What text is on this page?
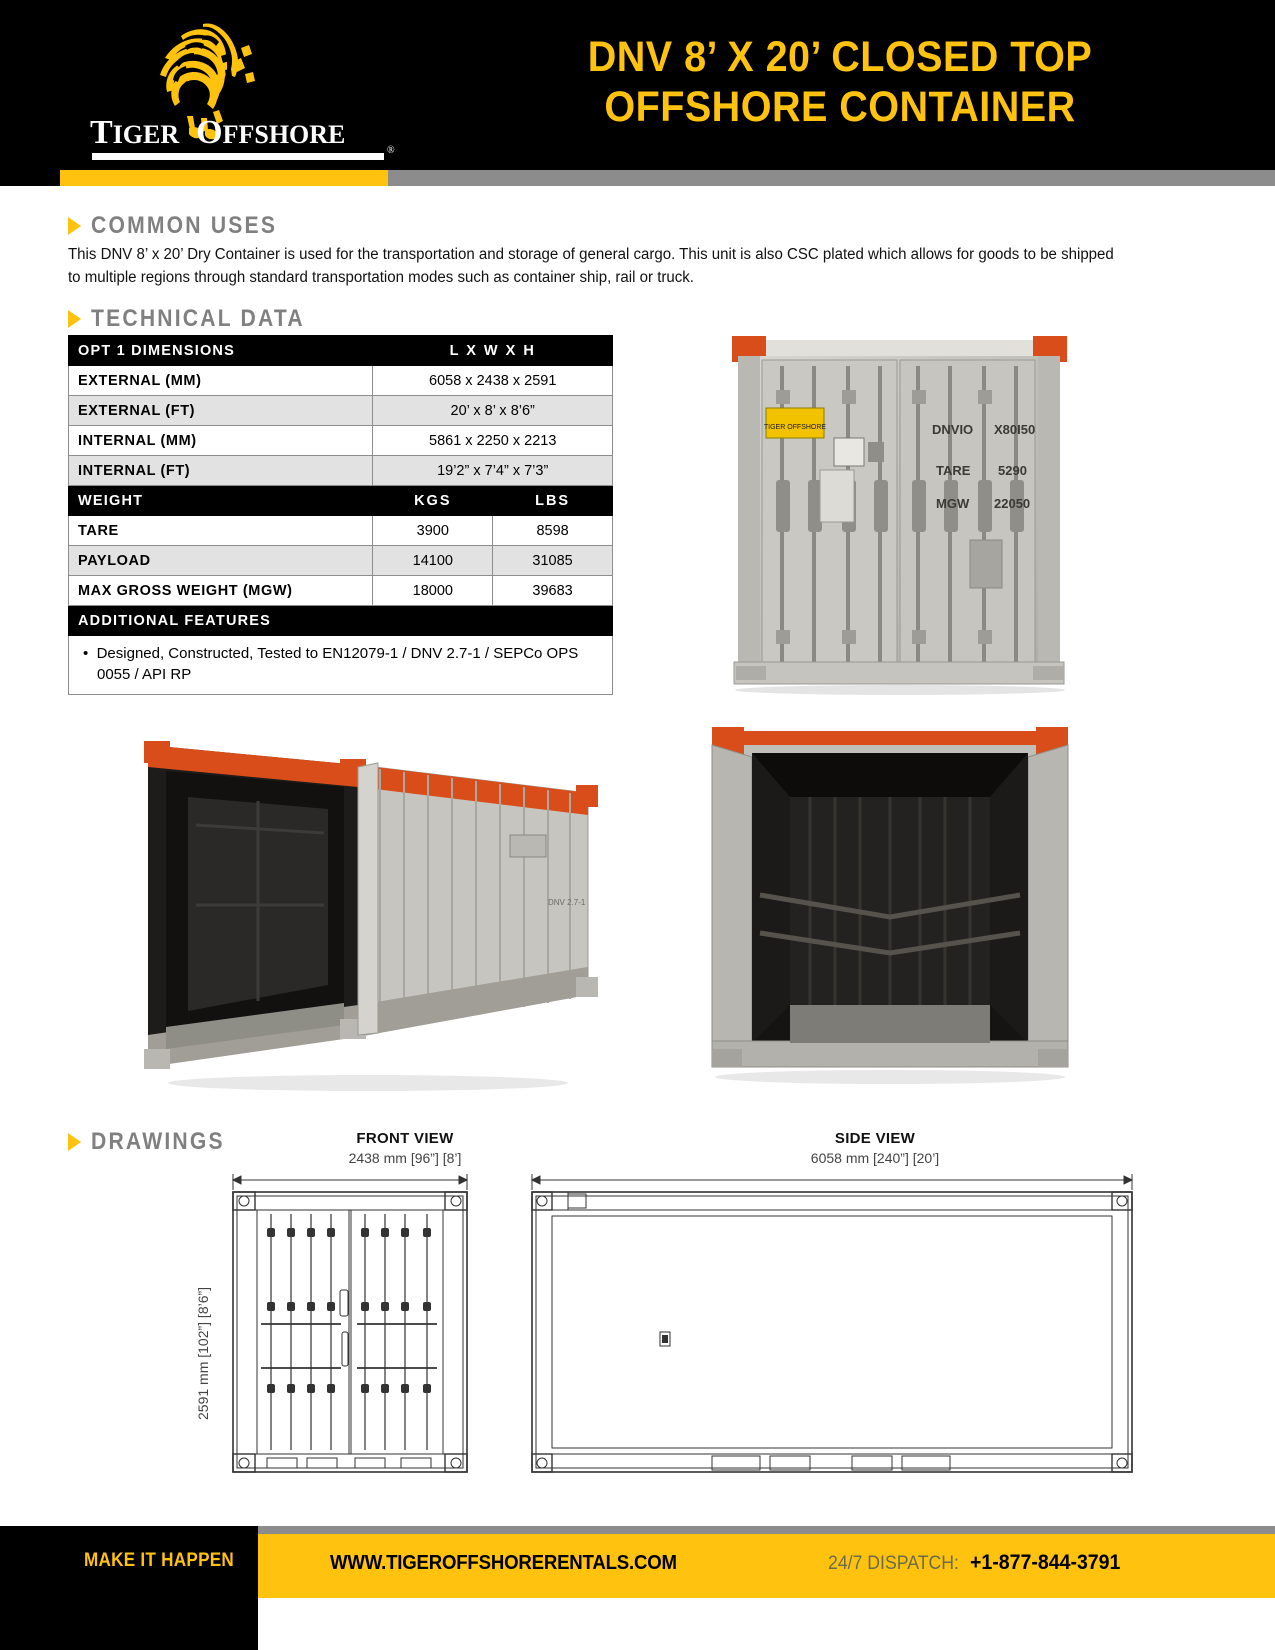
TIGER  OFFSHORE
®
DNV 8’ X 20’ CLOSED TOP
OFFSHORE CONTAINER
COMMON USES
This DNV 8’ x 20’ Dry Container is used for the transportation and storage of general cargo. This unit is also CSC plated which allows for goods to be shipped to multiple regions through standard transportation modes such as container ship, rail or truck.
TECHNICAL DATA
OPT 1 DIMENSIONS	L X W X H	
EXTERNAL (MM)	6058 x 2438 x 2591	
EXTERNAL (FT)	20’ x 8’ x 8’6”	
INTERNAL (MM)	5861 x 2250 x 2213	
INTERNAL (FT)	19’2” x 7’4” x 7’3”	
WEIGHT	KGS	LBS
TARE	3900	8598
PAYLOAD	14100	31085
MAX GROSS WEIGHT (MGW)	18000	39683
ADDITIONAL FEATURES		

•  Designed, Constructed, Tested to EN12079-1 / DNV 2.7-1 / SEPCo OPS 0055 / API RP		
TIGER OFFSHORE	DNVIO X80I50
TARE 5290
MGW 22050
DNV 2.7-1
DRAWINGS	FRONT VIEW
2438 mm [96”] [8’]
SIDE VIEW
6058 mm [240”] [20’]
2591 mm [102”] [8’6”]
MAKE IT HAPPEN	WWW.TIGEROFFSHORERENTALS.COM	24/7 DISPATCH: +1-877-844-3791
